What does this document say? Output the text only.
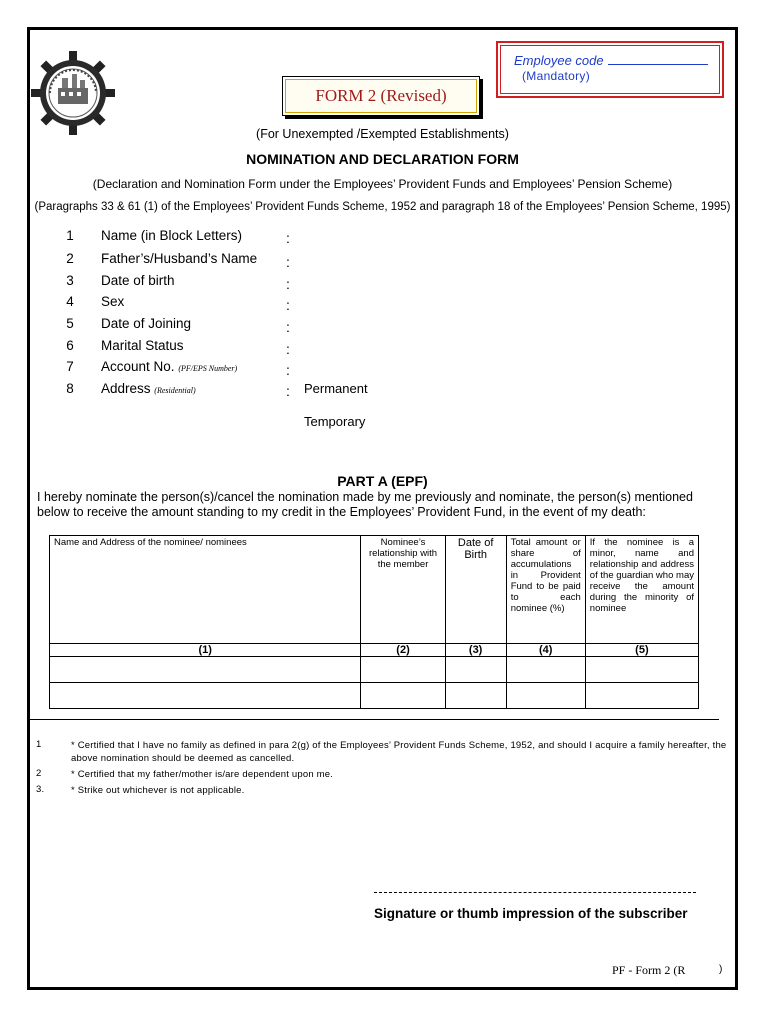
FORM 2 (Revised)
Employee code
(Mandatory)
(For Unexempted /Exempted Establishments)
NOMINATION AND DECLARATION FORM
(Declaration and Nomination Form under the Employees’ Provident Funds and Employees’ Pension Scheme)
(Paragraphs 33 & 61 (1) of the Employees’ Provident Funds Scheme, 1952 and paragraph 18 of the Employees’ Pension Scheme, 1995)
1	Name (in Block Letters)	:
2	Father’s/Husband’s Name :
3	Date of birth	:
4	Sex	:
5	Date of Joining	:
6	Marital Status	:
7	Account No. (PF/EPS Number)	:
8	Address (Residential)	: Permanent
Temporary
PART A (EPF)
I hereby nominate the person(s)/cancel the nomination made by me previously and nominate, the person(s) mentioned below to receive the amount standing to my credit in the Employees’ Provident Fund, in the event of my death:
Name and Address of the nominee/ nominees	Nominee’s relationship with the member	Date of Birth	Total amount or share of accumulations in Provident Fund to be paid to each nominee (%)	If the nominee is a minor, name and relationship and address of the guardian who may receive the amount during the minority of nominee
(1)	(2)	(3)	(4)	(5)

1	* Certified that I have no family as defined in para 2(g) of the Employees’ Provident Funds Scheme, 1952, and should I acquire a family hereafter, the above nomination should be deemed as cancelled.
2	* Certified that my father/mother is/are dependent upon me.
3.	* Strike out whichever is not applicable.
Signature or thumb impression of the subscriber
PF - Form 2 (R	)
